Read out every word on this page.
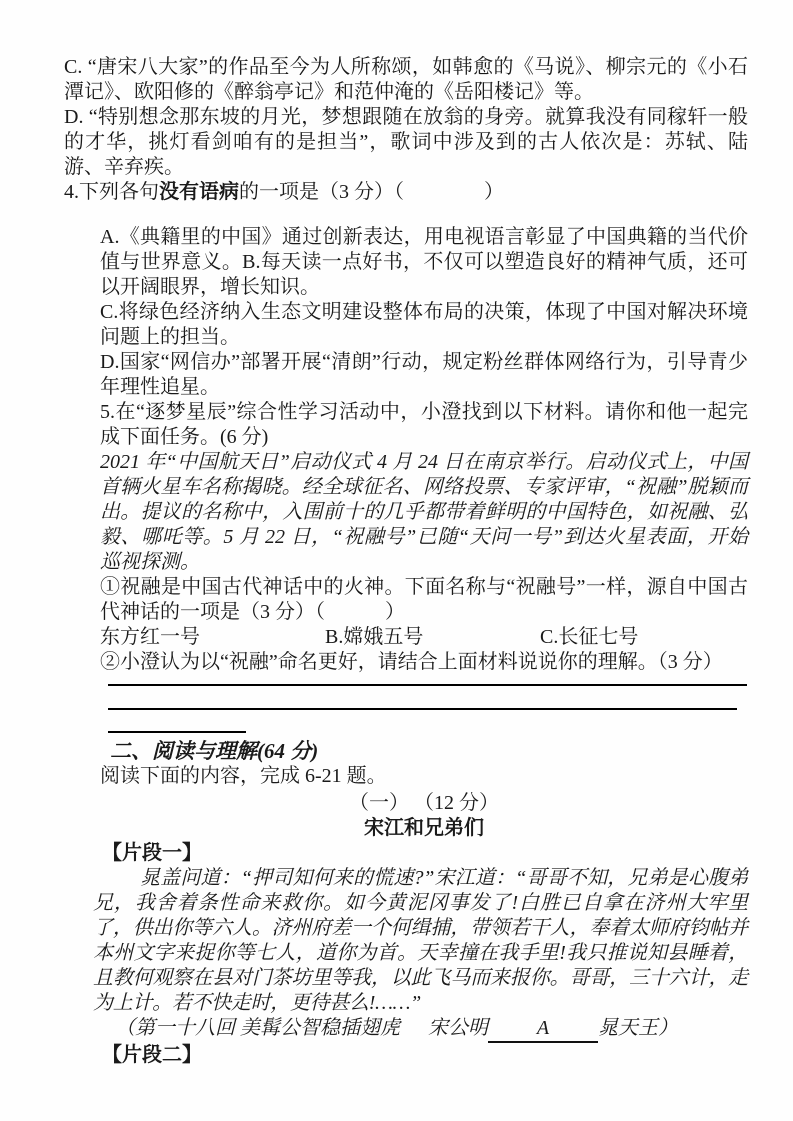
C. “唐宋八大家”的作品至今为人所称颂，如韩愈的《马说》、柳宗元的《小石潭记》、欧阳修的《醉翁亭记》和范仲淹的《岳阳楼记》等。

D. “特别想念那东坡的月光，梦想跟随在放翁的身旁。就算我没有同稼轩一般的才华，挑灯看剑咱有的是担当”，歌词中涉及到的古人依次是：苏轼、陆游、辛弃疾。

4.下列各句没有语病的一项是（3 分）（　　　　）

A.《典籍里的中国》通过创新表达，用电视语言彰显了中国典籍的当代价值与世界意义。B.每天读一点好书，不仅可以塑造良好的精神气质，还可以开阔眼界，增长知识。

C.将绿色经济纳入生态文明建设整体布局的决策，体现了中国对解决环境问题上的担当。

D.国家“网信办”部署开展“清朗”行动，规定粉丝群体网络行为，引导青少年理性追星。

5.在“逐梦星辰”综合性学习活动中，小澄找到以下材料。请你和他一起完成下面任务。(6 分)

2021 年“中国航天日”启动仪式 4 月 24 日在南京举行。启动仪式上，中国首辆火星车名称揭晓。经全球征名、网络投票、专家评审，“祝融”脱颖而出。提议的名称中，入围前十的几乎都带着鲜明的中国特色，如祝融、弘毅、哪吒等。5 月 22 日，“祝融号”已随“天问一号”到达火星表面，开始巡视探测。

①祝融是中国古代神话中的火神。下面名称与“祝融号”一样，源自中国古代神话的一项是（3 分）（　　　）

东方红一号	B.嫦娥五号	C.长征七号

②小澄认为以“祝融”命名更好，请结合上面材料说说你的理解。（3 分）

二、阅读与理解(64 分)

阅读下面的内容，完成 6-21 题。

（一） （12 分）

宋江和兄弟们

【片段一】

晁盖问道：“押司知何来的慌速?”宋江道：“哥哥不知，兄弟是心腹弟兄，我舍着条性命来救你。如今黄泥冈事发了!白胜已自拿在济州大牢里了，供出你等六人。济州府差一个何缉捕，带领若干人，奉着太师府钧帖并本州文字来捉你等七人，道你为首。天幸撞在我手里!我只推说知县睡着，且教何观察在县对门茶坊里等我，以此飞马而来报你。哥哥，三十六计，走为上计。若不快走时，更待甚么!……”

（第一十八回 美髯公智稳插翅虎 宋公明 A 晁天王）

【片段二】
